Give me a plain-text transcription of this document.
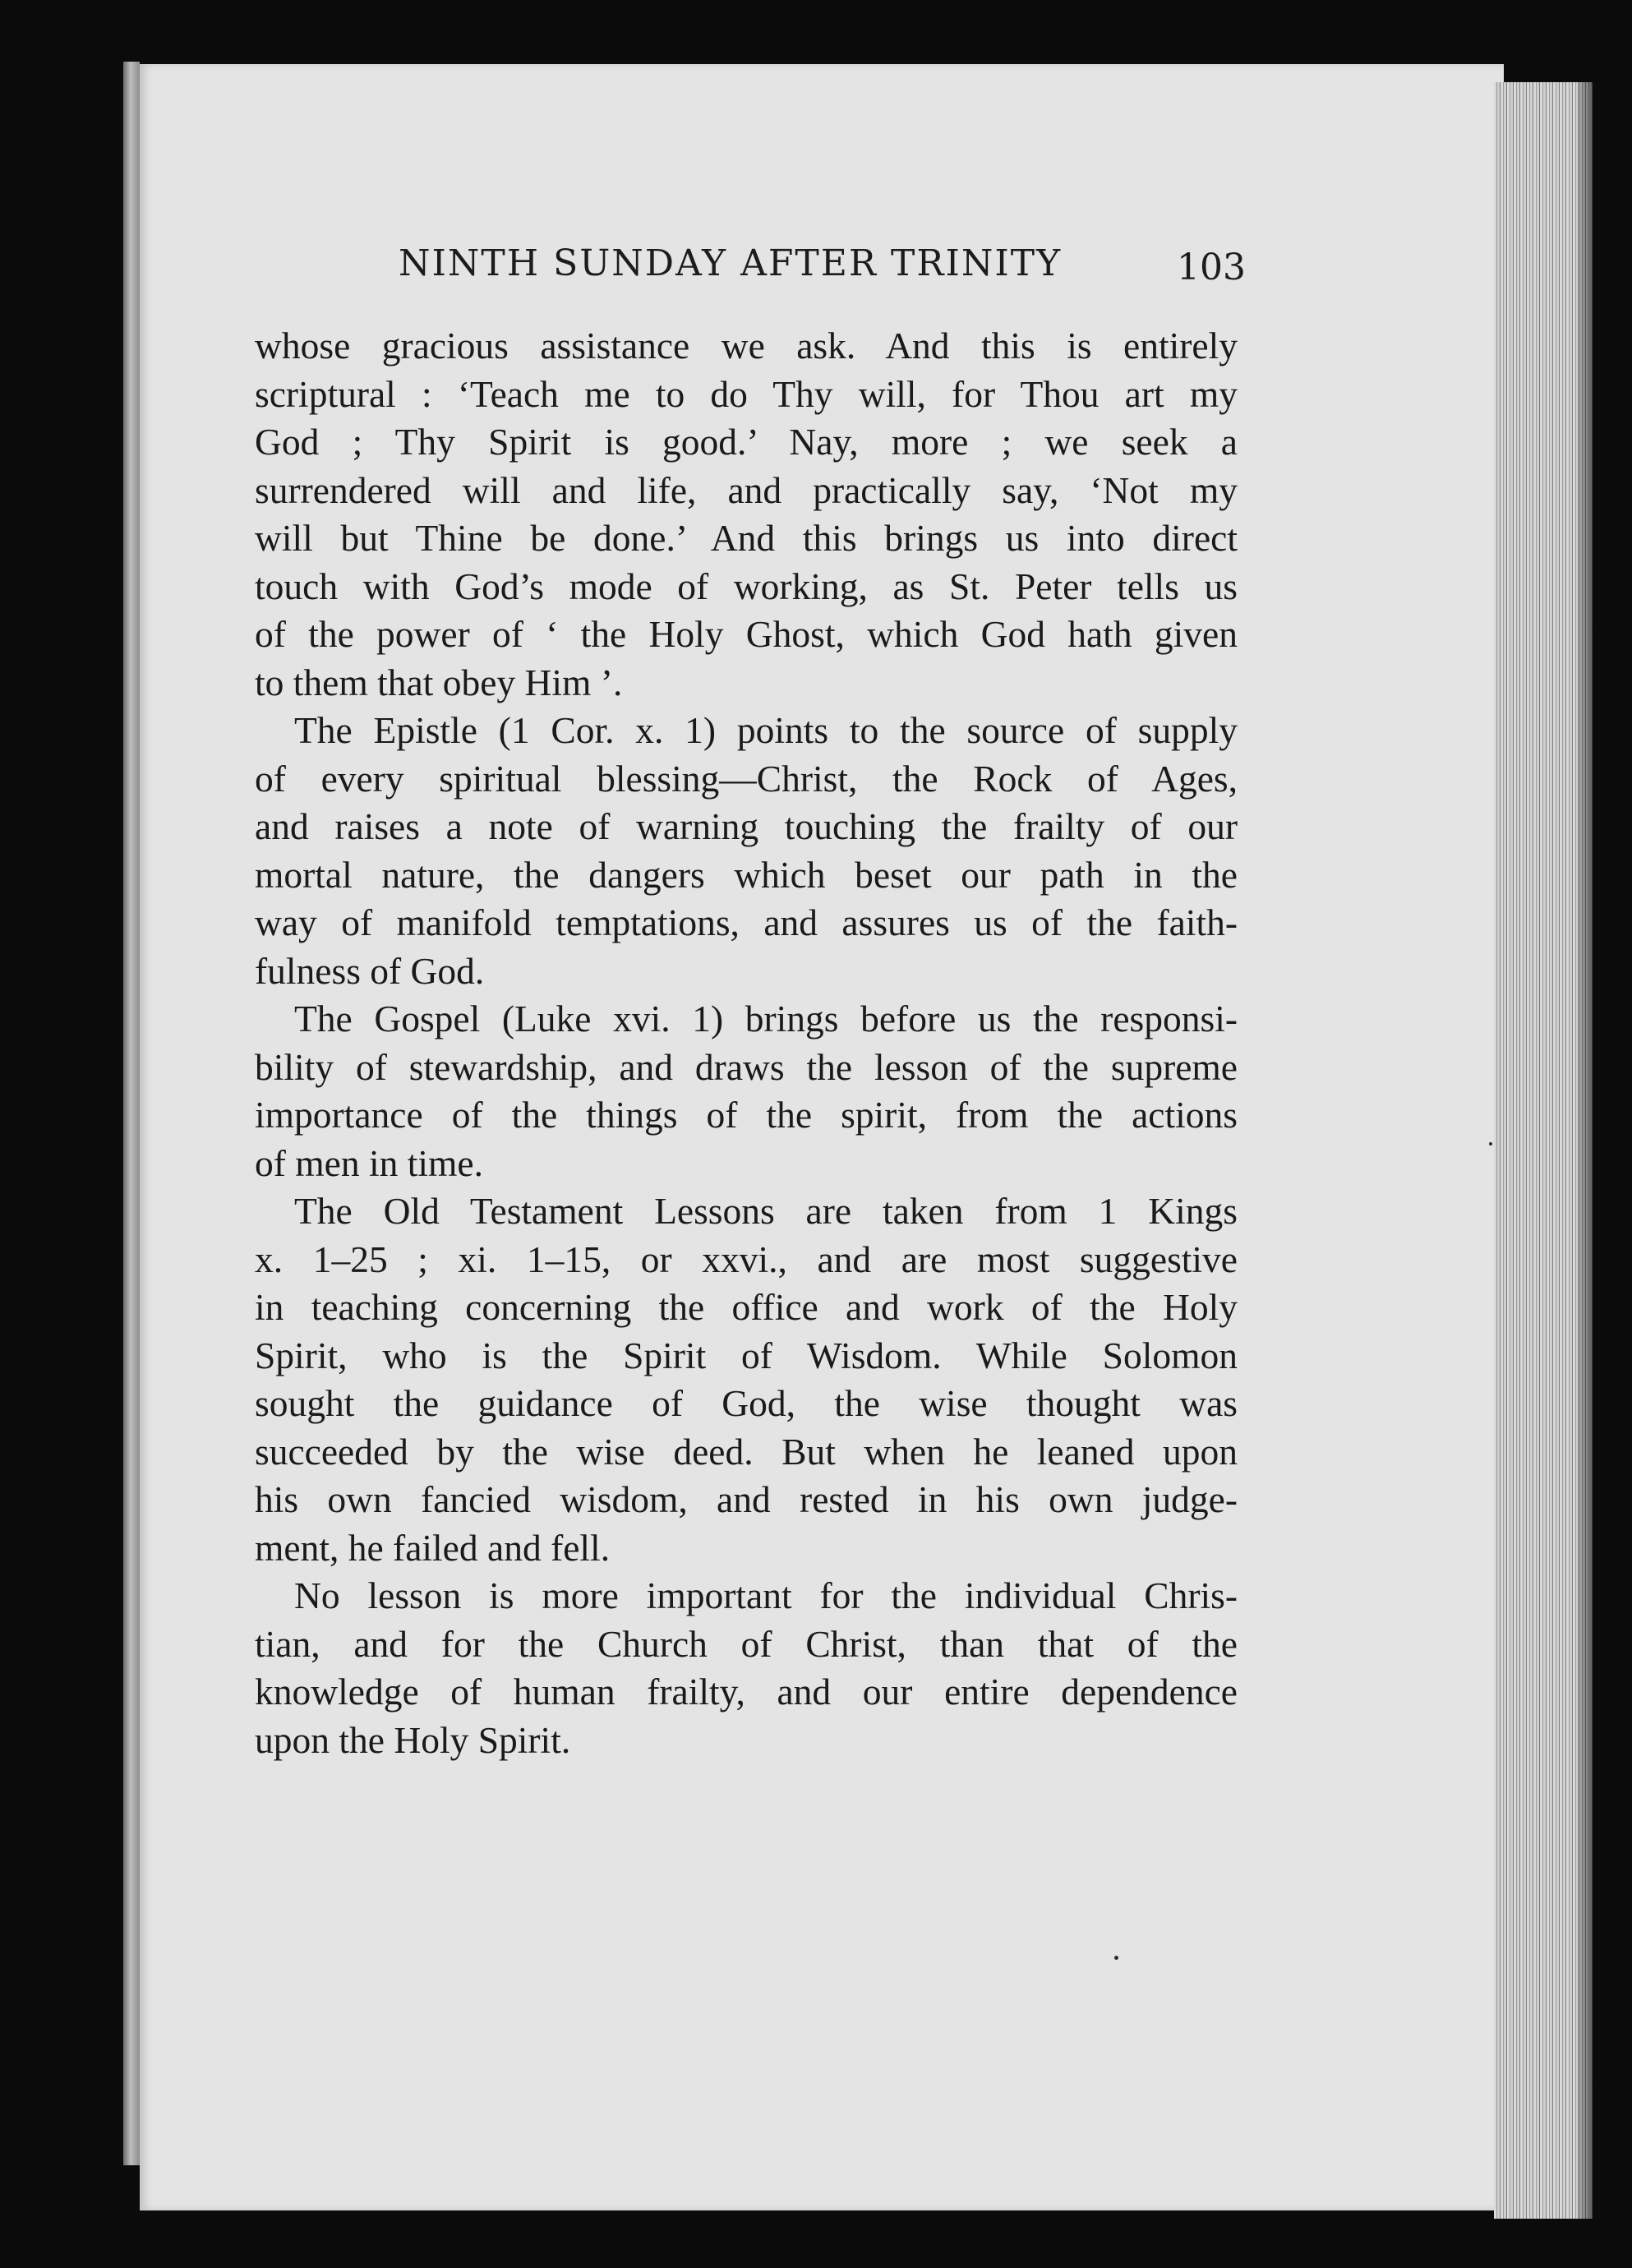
NINTH SUNDAY AFTER TRINITY	103
whose gracious assistance we ask. And this is entirely
scriptural : ‘Teach me to do Thy will, for Thou art my
God ; Thy Spirit is good.’ Nay, more ; we seek a
surrendered will and life, and practically say, ‘Not my
will but Thine be done.’ And this brings us into direct
touch with God’s mode of working, as St. Peter tells us
of the power of ‘ the Holy Ghost, which God hath given
to them that obey Him ’.
The Epistle (1 Cor. x. 1) points to the source of supply
of every spiritual blessing—Christ, the Rock of Ages,
and raises a note of warning touching the frailty of our
mortal nature, the dangers which beset our path in the
way of manifold temptations, and assures us of the faith-
fulness of God.
The Gospel (Luke xvi. 1) brings before us the responsi-
bility of stewardship, and draws the lesson of the supreme
importance of the things of the spirit, from the actions
of men in time.
The Old Testament Lessons are taken from 1 Kings
x. 1–25 ; xi. 1–15, or xxvi., and are most suggestive
in teaching concerning the office and work of the Holy
Spirit, who is the Spirit of Wisdom. While Solomon
sought the guidance of God, the wise thought was
succeeded by the wise deed. But when he leaned upon
his own fancied wisdom, and rested in his own judge-
ment, he failed and fell.
No lesson is more important for the individual Chris-
tian, and for the Church of Christ, than that of the
knowledge of human frailty, and our entire dependence
upon the Holy Spirit.
